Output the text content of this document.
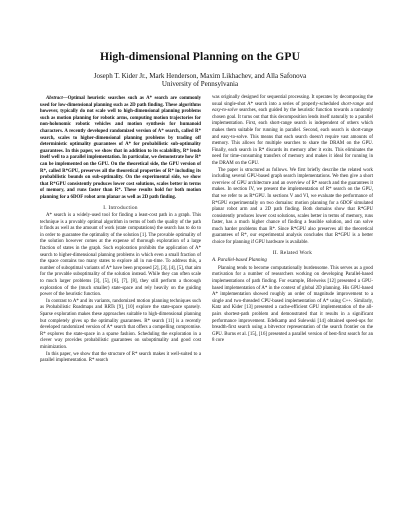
High-dimensional Planning on the GPU
Joseph T. Kider Jr., Mark Henderson, Maxim Likhachev, and Alla Safonova
University of Pennsylvania

Abstract—Optimal heuristic searches such as A* search are commonly used for low-dimensional planning such as 2D path finding. These algorithms however, typically do not scale well to high-dimensional planning problems such as motion planning for robotic arms, computing motion trajectories for non-holonomic robotic vehicles and motion synthesis for humanoid characters. A recently developed randomized version of A* search, called R* search, scales to higher-dimensional planning problems by trading off deterministic optimality guarantees of A* for probabilistic sub-optimality guarantees. In this paper, we show that in addition to its scalability, R* lends itself well to a parallel implementation. In particular, we demonstrate how R* can be implemented on the GPU. On the theoretical side, the GPU version of R*, called R*GPU, preserves all the theoretical properties of R* including its probabilistic bounds on sub-optimality. On the experimental side, we show that R*GPU consistently produces lower cost solutions, scales better in terms of memory, and runs faster than R*. These results hold for both motion planning for a 6DOF robot arm planar as well as 2D path finding.

I. Introduction

A* search is a widely-used tool for finding a least-cost path in a graph. This technique is a provably optimal algorithm in terms of both the quality of the path it finds as well as the amount of work (state computations) the search has to do to in order to guarantee the optimality of the solution [1]. The provable optimality of the solution however comes at the expense of thorough exploration of a large fraction of states in the graph. Such exploration prohibits the application of A* search to higher-dimensional planning problems in which even a small fraction of the space contains too many states to explore all in run-time. To address this, a number of suboptimal variants of A* have been proposed [2], [3], [4], [5], that aim for the provable suboptimality of the solution instead. While they can often scale to much larger problems [3], [5], [6], [7], [8], they still perform a thorough exploration of the (much smaller) state-space and rely heavily on the guiding power of the heuristic function.

In contrast to A* and its variants, randomized motion planning techniques such as Probabilistic Roadmaps and RRTs [9], [10] explore the state-space sparsely. Sparse exploration makes these approaches suitable to high-dimensional planning but completely gives up the optimality guarantees. R* search [11] is a recently developed randomized version of A* search that offers a compelling compromise. R* explores the state-space in a sparse fashion. Scheduling the exploration in a clever way provides probabilistic guarantees on suboptimality and good cost minimization.

In this paper, we show that the structure of R* search makes it well-suited to a parallel implementation. R* search

was originally designed for sequential processing. It operates by decomposing the usual single-shot A* search into a series of properly-scheduled short-range and easy-to-solve searches, each guided by the heuristic function towards a randomly chosen goal. It turns out that this decomposition lends itself naturally to a parallel implementation. First, each short-range search is independent of others which makes them suitable for running in parallel. Second, each search is short-range and easy-to-solve. This means that each search doesn't require vast amounts of memory. This allows for multiple searches to share the DRAM on the GPU. Finally, each search in R* discards its memory after it exits. This eliminates the need for time-consuming transfers of memory and makes it ideal for running in the DRAM on the GPU.

The paper is structured as follows. We first briefly describe the related work including several GPU-based graph search implementations. We then give a short overview of GPU architecture and an overview of R* search and the guarantees it makes. In section IV, we present the implementation of R* search on the GPU, that we refer to as R*GPU. In sections V and VI, we evaluate the performance of R*GPU experimentally on two domains: motion planning for a 6DOF simulated planar robot arm and a 2D path finding. Both domains show that R*GPU consistently produces lower cost solutions, scales better in terms of memory, runs faster, has a much higher chance of finding a feasible solution, and can solve much harder problems than R*. Since R*GPU also preserves all the theoretical guarantees of R*, our experimental analysis concludes that R*GPU is a better choice for planning if GPU hardware is available.

II. Related Work
A. Parallel-based Planning

Planning tends to become computationally burdensome. This serves as a good motivation for a number of researchers working on developing Parallel-based implementations of path finding. For example, Bleiweiss [12] presented a GPU-based implementation of A* in the context of global 2D planning. His GPU-based A* implementation showed roughly an order of magnitude improvement to a single and two-threaded CPU-based implementation of A* using C++. Similarly, Katz and Kider [13] presented a cache-efficient GPU implementation of the all-pairs shortest-path problem and demonstrated that it results in a significant performance improvement. Edelkamp and Sulewski [14] obtained speed-ups for breadth-first search using a bitvector representation of the search frontier on the GPU. Burns et al. [15], [16] presented a parallel version of best-first search for an 8 core
